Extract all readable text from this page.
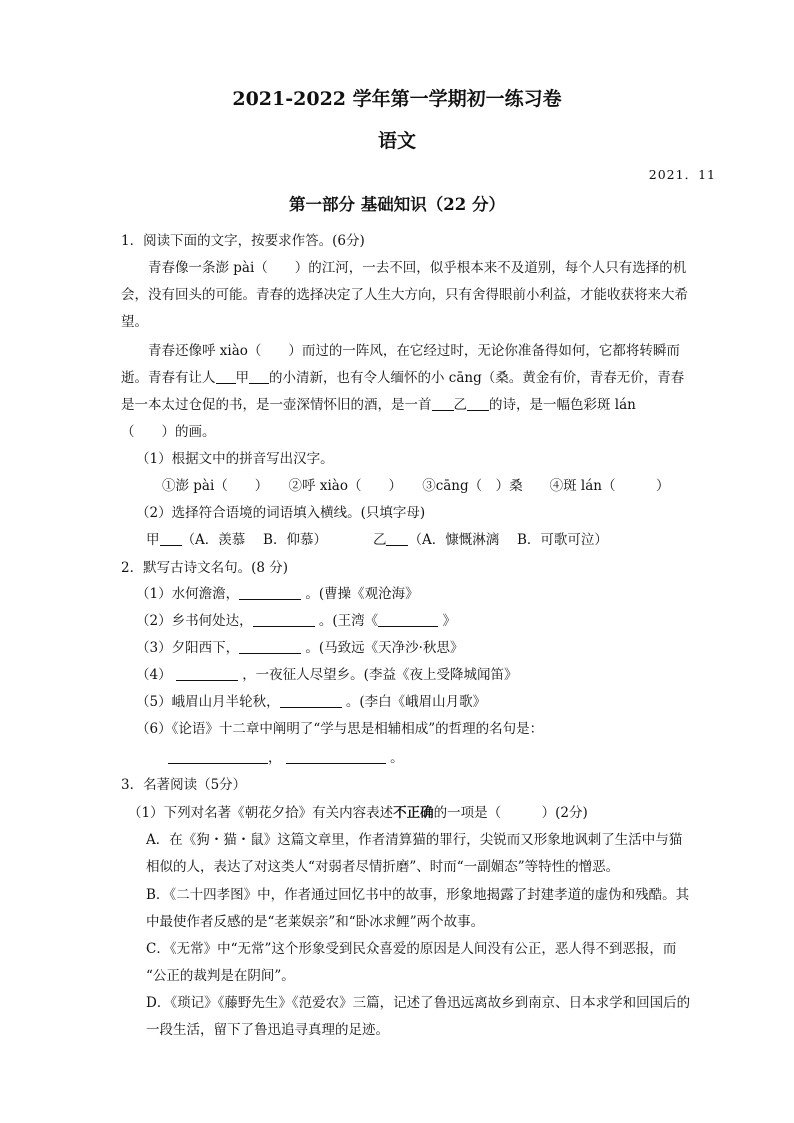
2021-2022 学年第一学期初一练习卷
语文
2021．11
第一部分 基础知识（22 分）
1．阅读下面的文字，按要求作答。(6分)
青春像一条澎 pài（　　）的江河，一去不回，似乎根本来不及道别，每个人只有选择的机
会，没有回头的可能。青春的选择决定了人生大方向，只有舍得眼前小利益，才能收获将来大希
望。
青春还像呼 xiào（　　）而过的一阵风，在它经过时，无论你准备得如何，它都将转瞬而
逝。青春有让人 甲 的小清新，也有令人缅怀的小 cāng（桑。黄金有价，青春无价，青春
是一本太过仓促的书，是一壶深情怀旧的酒，是一首 乙 的诗，是一幅色彩斑 lán
（　　）的画。
（1）根据文中的拼音写出汉字。
①澎 pài（　　）　　②呼 xiào（　　）　　③cāng（　）桑　　④斑 lán（　　　）
（2）选择符合语境的词语填入横线。(只填字母)
甲 （A．羡慕　 B．仰慕）	乙 （A．慷慨淋漓　 B．可歌可泣）
2．默写古诗文名句。(8 分)
（1）水何澹澹，	。(曹操《观沧海》
（2）乡书何处达，	。(王湾《	》
（3）夕阳西下，	。(马致远《天净沙·秋思》
（4）	，一夜征人尽望乡。(李益《夜上受降城闻笛》
（5）峨眉山月半轮秋，	。(李白《峨眉山月歌》
（6）《论语》十二章中阐明了“学与思是相辅相成”的哲理的名句是：
，	。
3．名著阅读（5分）
（1）下列对名著《朝花夕拾》有关内容表述不正确的一项是（　　　）(2分)
A．在《狗・猫・鼠》这篇文章里，作者清算猫的罪行，尖锐而又形象地讽刺了生活中与猫
相似的人，表达了对这类人“对弱者尽情折磨”、时而“一副媚态”等特性的憎恶。
B．《二十四孝图》中，作者通过回忆书中的故事，形象地揭露了封建孝道的虚伪和残酷。其
中最使作者反感的是“老莱娱亲”和“卧冰求鲤”两个故事。
C．《无常》中“无常”这个形象受到民众喜爱的原因是人间没有公正，恶人得不到恶报，而
“公正的裁判是在阴间”。
D．《琐记》《藤野先生》《范爱农》三篇，记述了鲁迅远离故乡到南京、日本求学和回国后的
一段生活，留下了鲁迅追寻真理的足迹。
